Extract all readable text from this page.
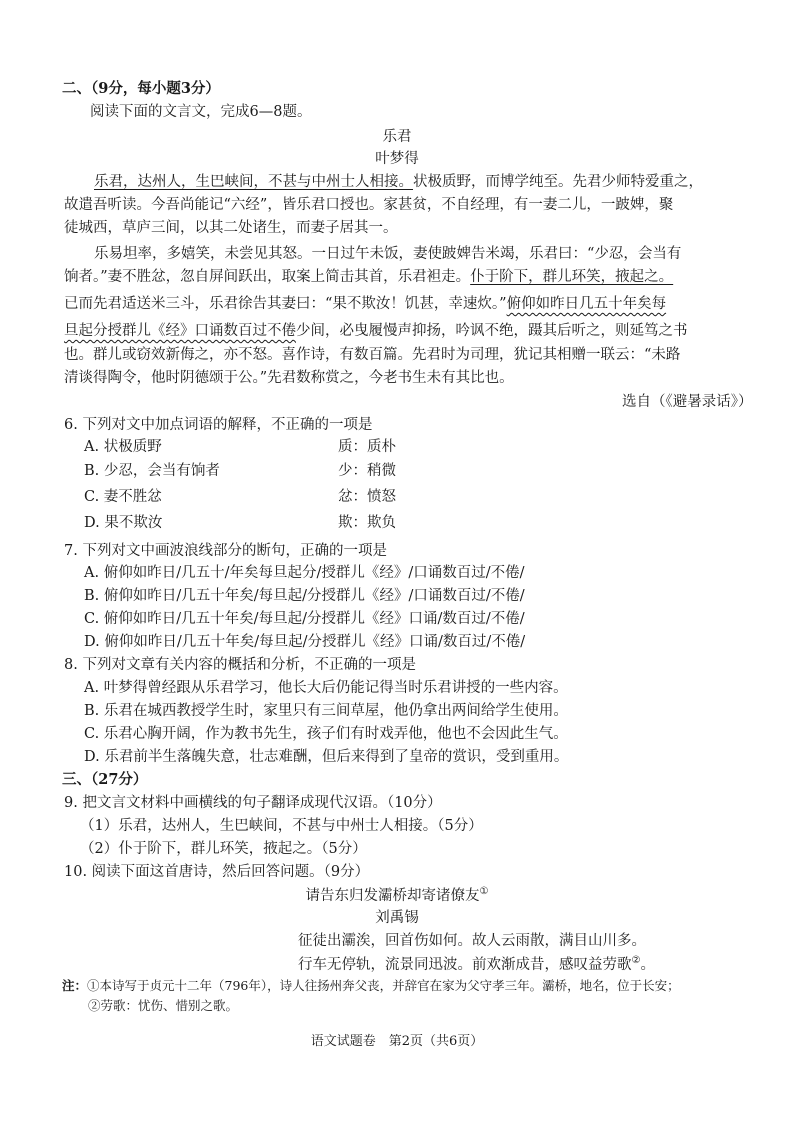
二、（9分，每小题3分）
阅读下面的文言文，完成6—8题。
乐君
叶梦得
乐君，达州人，生巴峡间，不甚与中州士人相接。状极质野，而博学纯至。先君少师特爱重之，
故遣吾听读。今吾尚能记“六经”，皆乐君口授也。家甚贫，不自经理，有一妻二儿，一跛婢，聚
徒城西，草庐三间，以其二处诸生，而妻子居其一。
乐易坦率，多嬉笑，未尝见其怒。一日过午未饭，妻使跛婢告米竭，乐君曰：“少忍，会当有
饷者。”妻不胜忿，忽自屏间跃出，取案上简击其首，乐君袒走。仆于阶下，群儿环笑，掖起之。
已而先君适送米三斗，乐君徐告其妻曰：“果不欺汝！饥甚，幸速炊。”俯仰如昨日几五十年矣每
旦起分授群儿《经》口诵数百过不倦少间，必曳履慢声抑扬，吟讽不绝，蹑其后听之，则延笃之书
也。群儿或窃效新侮之，亦不怒。喜作诗，有数百篇。先君时为司理，犹记其相赠一联云：“未路
清谈得陶令，他时阴德颂于公。”先君数称赏之，今老书生未有其比也。
选自（《避暑录话》）
6. 下列对文中加点词语的解释，不正确的一项是
A. 状极质野	质：质朴
B. 少忍，会当有饷者	少：稍微
C. 妻不胜忿	忿：愤怒
D. 果不欺汝	欺：欺负
7. 下列对文中画波浪线部分的断句，正确的一项是
A. 俯仰如昨日/几五十/年矣每旦起分/授群儿《经》/口诵数百过/不倦/
B. 俯仰如昨日/几五十年矣/每旦起/分授群儿《经》/口诵数百过/不倦/
C. 俯仰如昨日/几五十年矣/每旦起/分授群儿《经》口诵/数百过/不倦/
D. 俯仰如昨日/几五十年矣/每旦起/分授群儿《经》口诵/数百过/不倦/
8. 下列对文章有关内容的概括和分析，不正确的一项是
A. 叶梦得曾经跟从乐君学习，他长大后仍能记得当时乐君讲授的一些内容。
B. 乐君在城西教授学生时，家里只有三间草屋，他仍拿出两间给学生使用。
C. 乐君心胸开阔，作为教书先生，孩子们有时戏弄他，他也不会因此生气。
D. 乐君前半生落魄失意，壮志难酬，但后来得到了皇帝的赏识，受到重用。
三、（27分）
9. 把文言文材料中画横线的句子翻译成现代汉语。（10分）
（1）乐君，达州人，生巴峡间，不甚与中州士人相接。（5分）
（2）仆于阶下，群儿环笑，掖起之。（5分）
10. 阅读下面这首唐诗，然后回答问题。（9分）
请告东归发灞桥却寄诸僚友①
刘禹锡
征徒出灞涘，回首伤如何。故人云雨散，满目山川多。
行车无停轨，流景同迅波。前欢渐成昔，感叹益劳歌②。
注：①本诗写于贞元十二年（796年），诗人往扬州奔父丧，并辞官在家为父守孝三年。灞桥，地名，位于长安；
②劳歌：忧伤、惜别之歌。
语文试题卷　第2页（共6页）
